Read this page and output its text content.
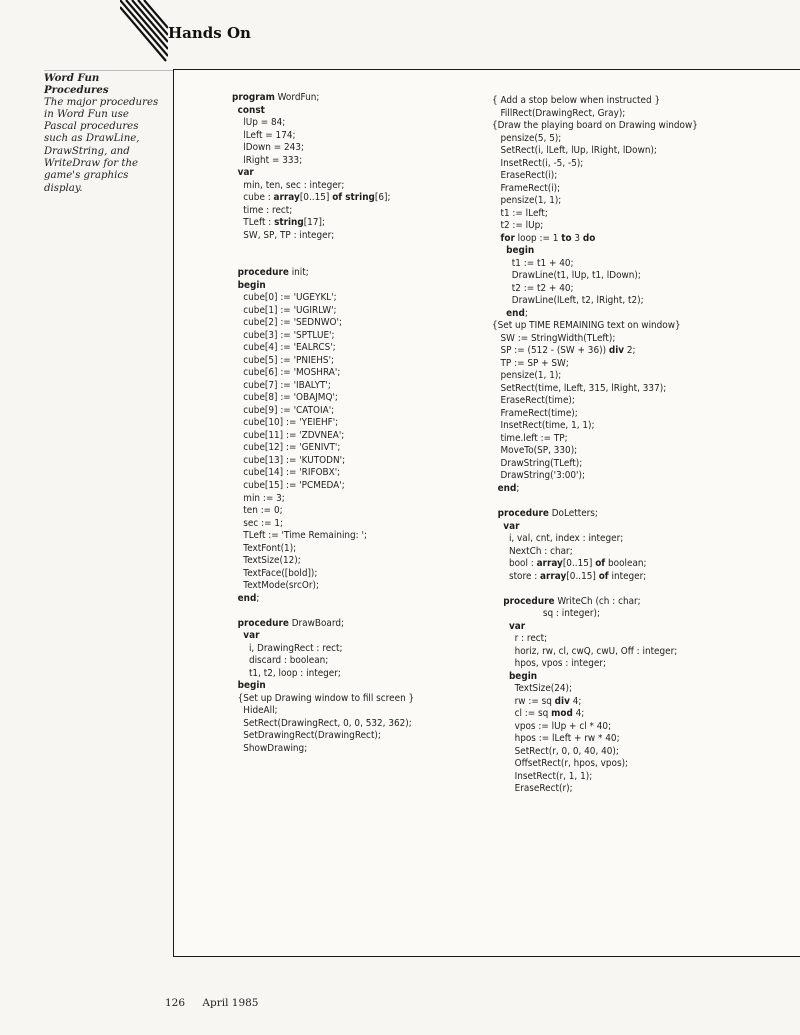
Hands On
Word Fun Procedures
The major procedures in Word Fun use Pascal procedures such as DrawLine, DrawString, and WriteDraw for the game's graphics display.
program WordFun;
const
lUp = 84;
lLeft = 174;
lDown = 243;
lRight = 333;
var
min, ten, sec : integer;
cube : array[0..15] of string[6];
time : rect;
TLeft : string[17];
SW, SP, TP : integer;
procedure init;
begin
cube[0] := 'UGEYKL';
cube[1] := 'UGIRLW';
cube[2] := 'SEDNWO';
cube[3] := 'SPTLUE';
cube[4] := 'EALRCS';
cube[5] := 'PNIEHS';
cube[6] := 'MOSHRA';
cube[7] := 'IBALYT';
cube[8] := 'OBAJMQ';
cube[9] := 'CATOIA';
cube[10] := 'YEIEHF';
cube[11] := 'ZDVNEA';
cube[12] := 'GENIVT';
cube[13] := 'KUTODN';
cube[14] := 'RIFOBX';
cube[15] := 'PCMEDA';
min := 3;
ten := 0;
sec := 1;
TLeft := 'Time Remaining: ';
TextFont(1);
TextSize(12);
TextFace([bold]);
TextMode(srcOr);
end;
procedure DrawBoard;
var
i, DrawingRect : rect;
discard : boolean;
t1, t2, loop : integer;
begin
{Set up Drawing window to fill screen }
HideAll;
SetRect(DrawingRect, 0, 0, 532, 362);
SetDrawingRect(DrawingRect);
ShowDrawing;
{ Add a stop below when instructed }
FillRect(DrawingRect, Gray);
{Draw the playing board on Drawing window}
pensize(5, 5);
SetRect(i, lLeft, lUp, lRight, lDown);
InsetRect(i, -5, -5);
EraseRect(i);
FrameRect(i);
pensize(1, 1);
t1 := lLeft;
t2 := lUp;
for loop := 1 to 3 do
begin
t1 := t1 + 40;
DrawLine(t1, lUp, t1, lDown);
t2 := t2 + 40;
DrawLine(lLeft, t2, lRight, t2);
end;
{Set up TIME REMAINING text on window}
SW := StringWidth(TLeft);
SP := (512 - (SW + 36)) div 2;
TP := SP + SW;
pensize(1, 1);
SetRect(time, lLeft, 315, lRight, 337);
EraseRect(time);
FrameRect(time);
InsetRect(time, 1, 1);
time.left := TP;
MoveTo(SP, 330);
DrawString(TLeft);
DrawString('3:00');
end;
procedure DoLetters;
var
i, val, cnt, index : integer;
NextCh : char;
bool : array[0..15] of boolean;
store : array[0..15] of integer;
procedure WriteCh (ch : char;
sq : integer);
var
r : rect;
horiz, rw, cl, cwQ, cwU, Off : integer;
hpos, vpos : integer;
begin
TextSize(24);
rw := sq div 4;
cl := sq mod 4;
vpos := lUp + cl * 40;
hpos := lLeft + rw * 40;
SetRect(r, 0, 0, 40, 40);
OffsetRect(r, hpos, vpos);
InsetRect(r, 1, 1);
EraseRect(r);
126 April 1985
